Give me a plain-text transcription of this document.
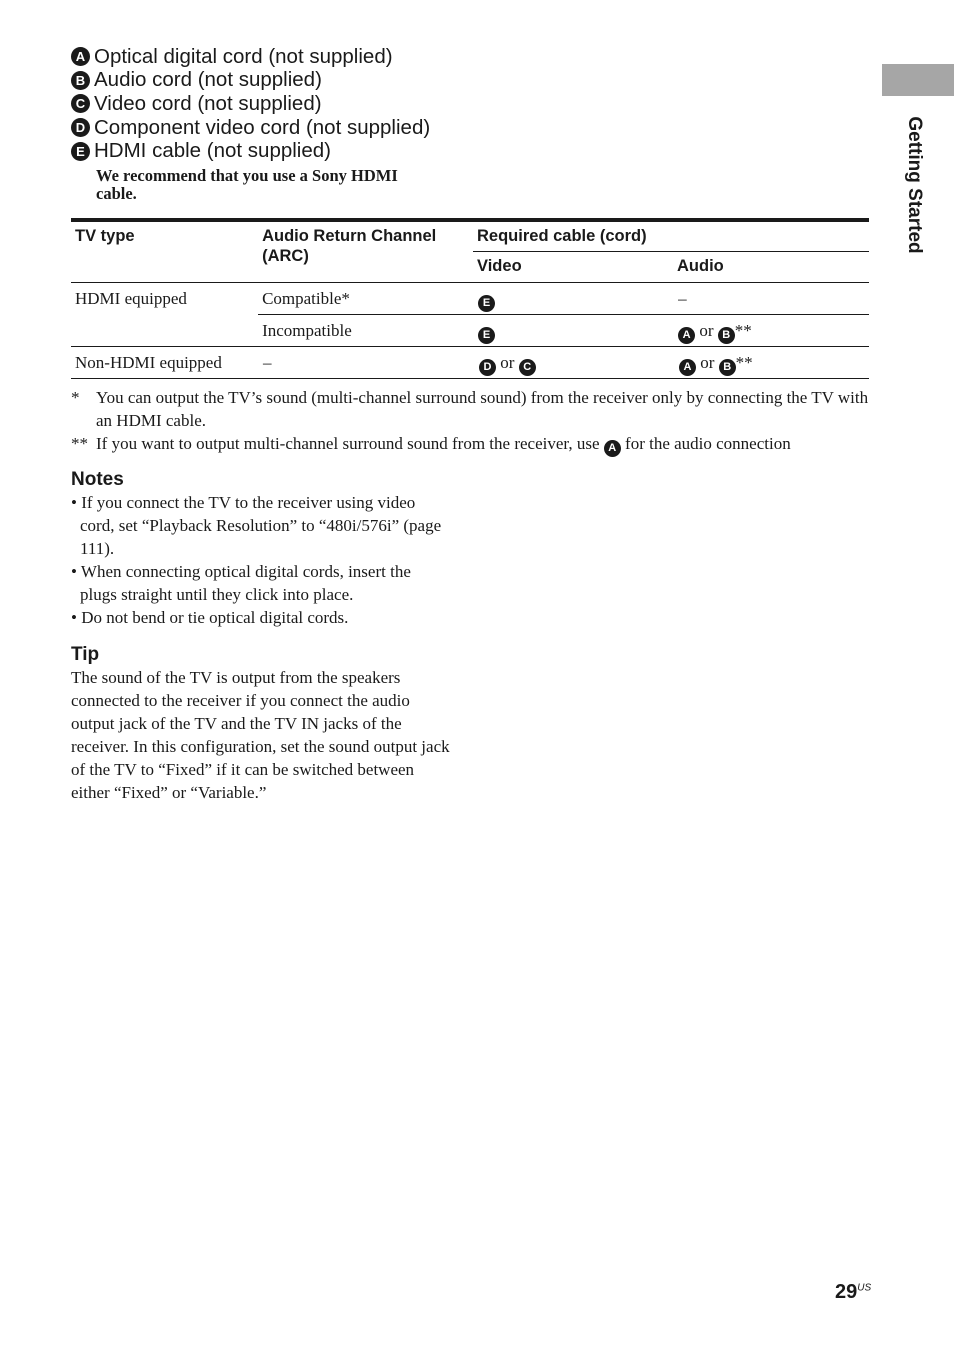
A Optical digital cord (not supplied)
B Audio cord (not supplied)
C Video cord (not supplied)
D Component video cord (not supplied)
E HDMI cable (not supplied)
We recommend that you use a Sony HDMI cable.	Getting Started
TV type	Audio Return Channel (ARC)
Required cable (cord)
Video	Audio
HDMI equipped	Compatible*	E	–
Incompatible	E	A or B **
Non-HDMI equipped	–	D or C	A or B **
* You can output the TV’s sound (multi-channel surround sound) from the receiver only by connecting the TV with an HDMI cable.
** If you want to output multi-channel surround sound from the receiver, use A for the audio connection
Notes
• If you connect the TV to the receiver using video cord, set “Playback Resolution” to “480i/576i” (page 111).
• When connecting optical digital cords, insert the plugs straight until they click into place.
• Do not bend or tie optical digital cords.
Tip
The sound of the TV is output from the speakers connected to the receiver if you connect the audio output jack of the TV and the TV IN jacks of the receiver. In this configuration, set the sound output jack of the TV to “Fixed” if it can be switched between either “Fixed” or “Variable.”
$29^{US}$
